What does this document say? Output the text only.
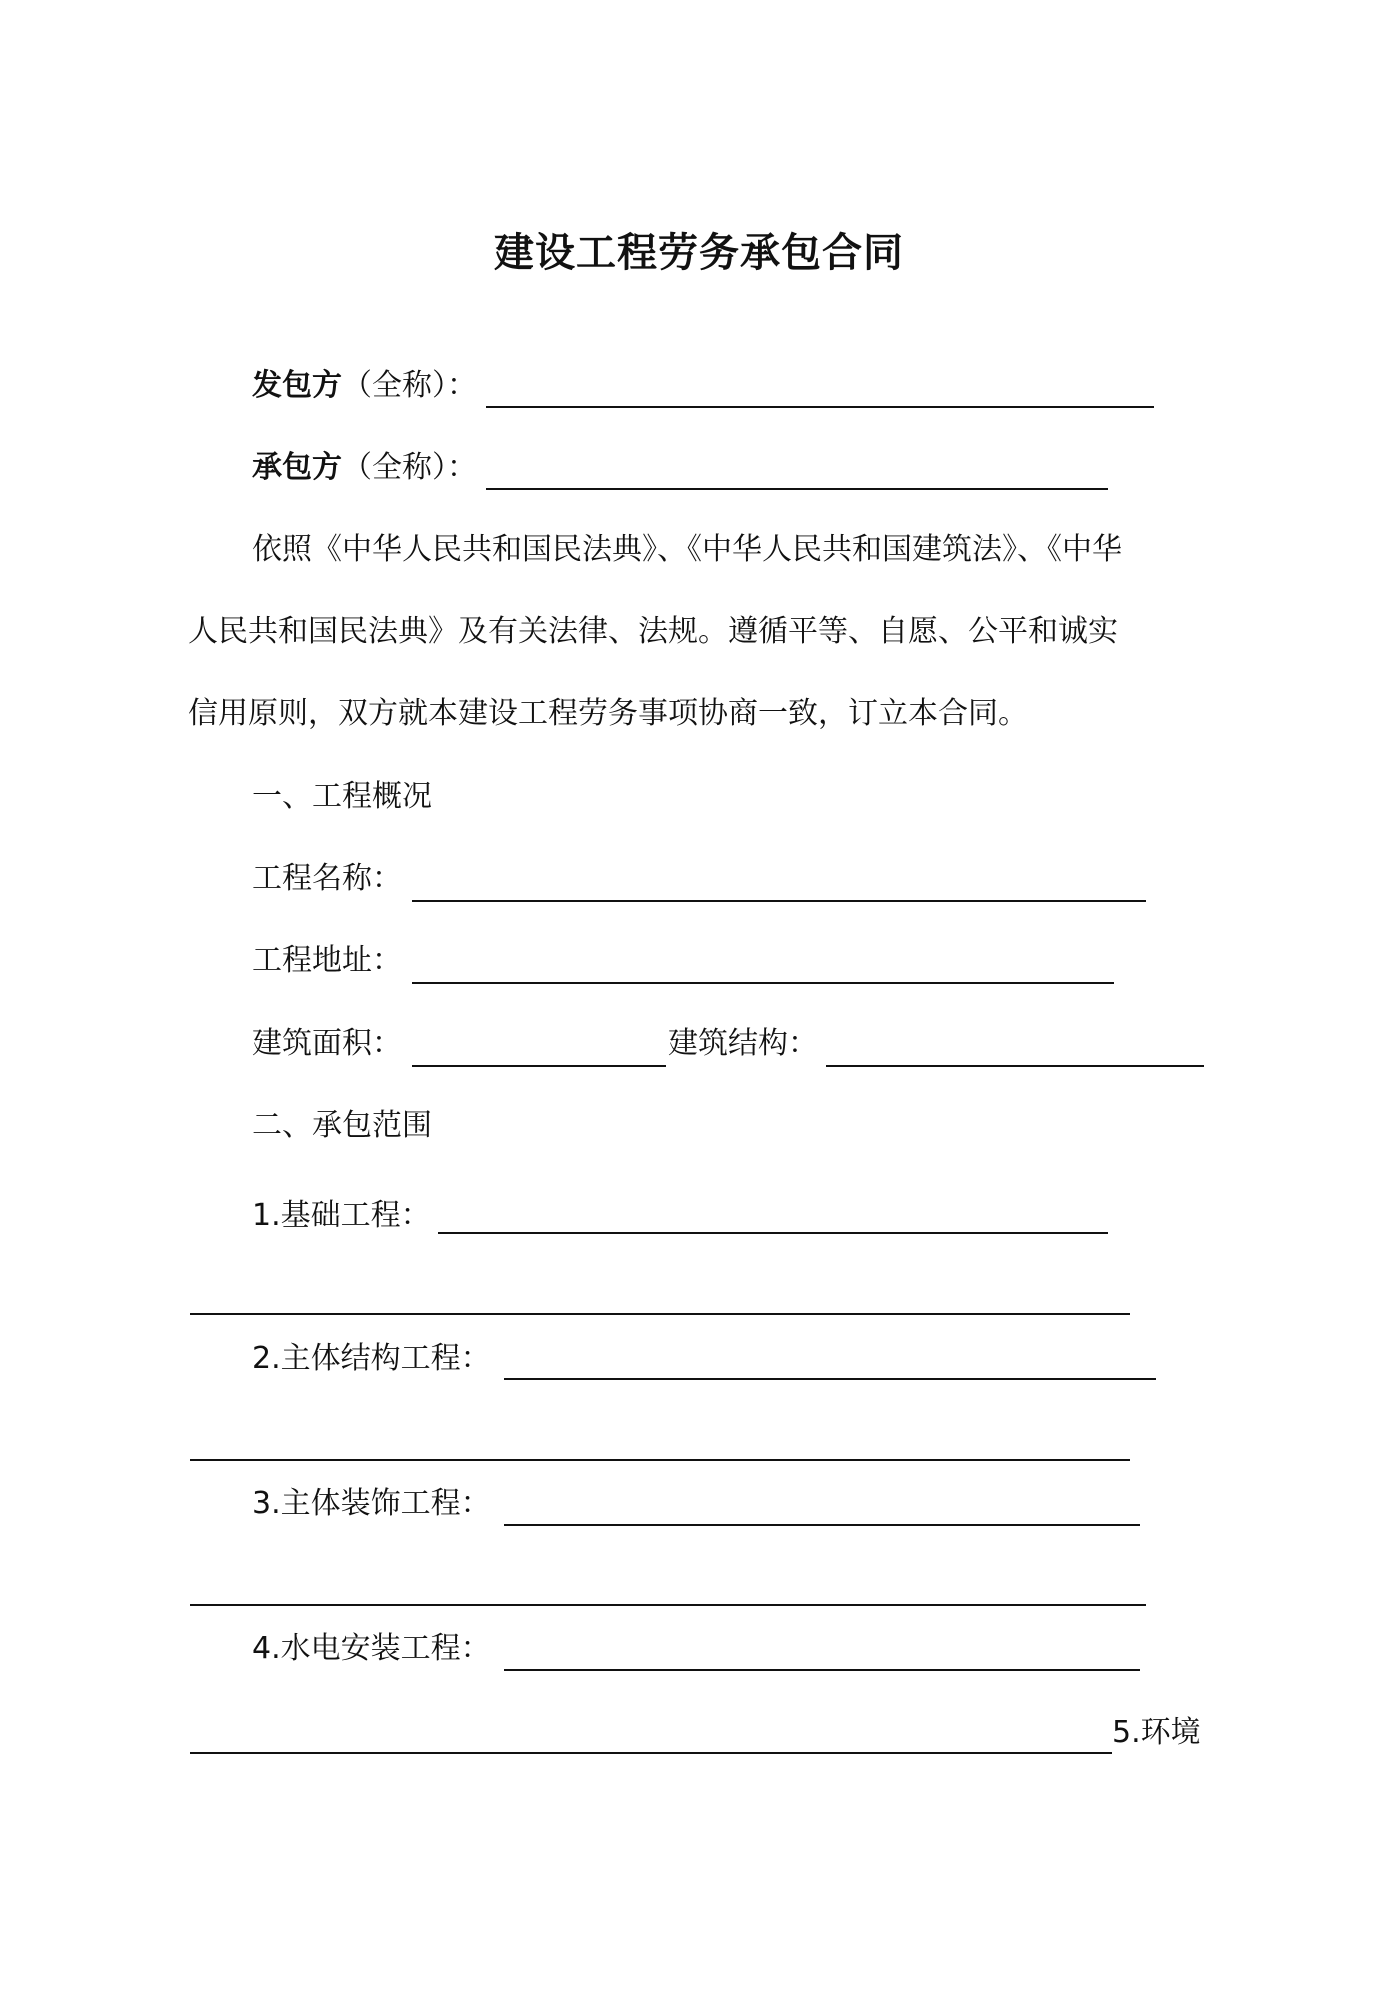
建设工程劳务承包合同
发包方（全称）：
承包方（全称）：
依照《中华人民共和国民法典》、《中华人民共和国建筑法》、《中华
人民共和国民法典》及有关法律、法规。遵循平等、自愿、公平和诚实
信用原则，双方就本建设工程劳务事项协商一致，订立本合同。
一、工程概况
工程名称：
工程地址：
建筑面积：	建筑结构：
二、承包范围
1.基础工程：
2.主体结构工程：
3.主体装饰工程：
4.水电安装工程：
5.环境
